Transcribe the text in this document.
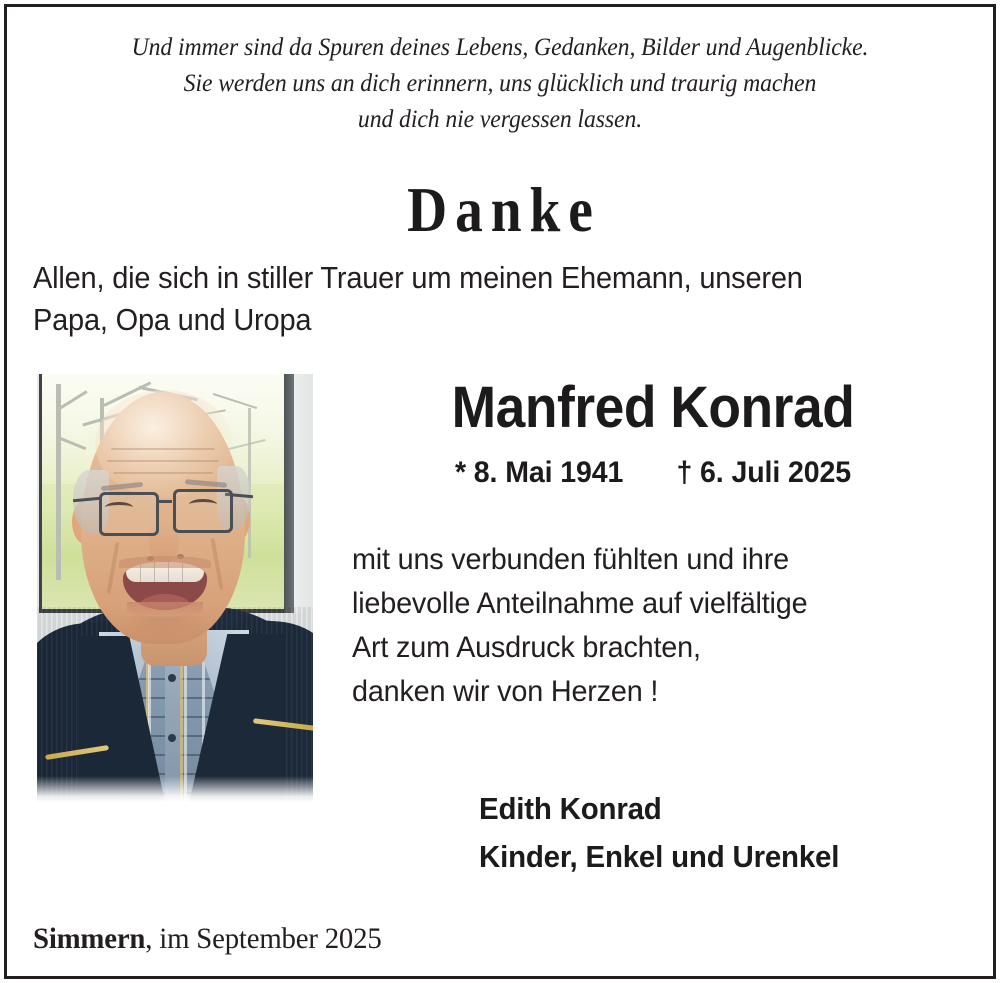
Und immer sind da Spuren deines Lebens, Gedanken, Bilder und Augenblicke.
Sie werden uns an dich erinnern, uns glücklich und traurig machen
und dich nie vergessen lassen.
Danke
Allen, die sich in stiller Trauer um meinen Ehemann, unseren
Papa, Opa und Uropa
Manfred Konrad
* 8. Mai 1941 † 6. Juli 2025
mit uns verbunden fühlten und ihre
liebevolle Anteilnahme auf vielfältige
Art zum Ausdruck brachten,
danken wir von Herzen !
Edith Konrad
Kinder, Enkel und Urenkel
Simmern, im September 2025
